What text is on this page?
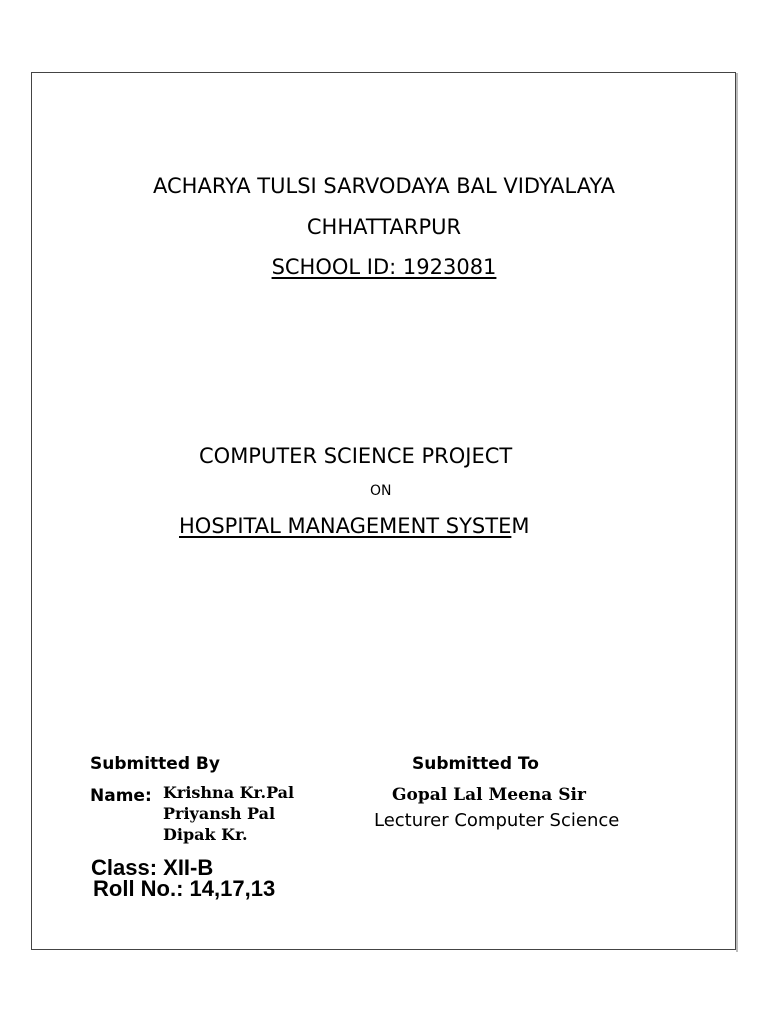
ACHARYA TULSI SARVODAYA BAL VIDYALAYA
CHHATTARPUR
SCHOOL ID: 1923081
COMPUTER SCIENCE PROJECT
ON
HOSPITAL MANAGEMENT SYSTEM
Submitted By	Submitted To
Name: Krishna Kr.Pal
Priyansh Pal
Dipak Kr.
Gopal Lal Meena Sir
Lecturer Computer Science
Class: XII-B
Roll No.: 14,17,13
